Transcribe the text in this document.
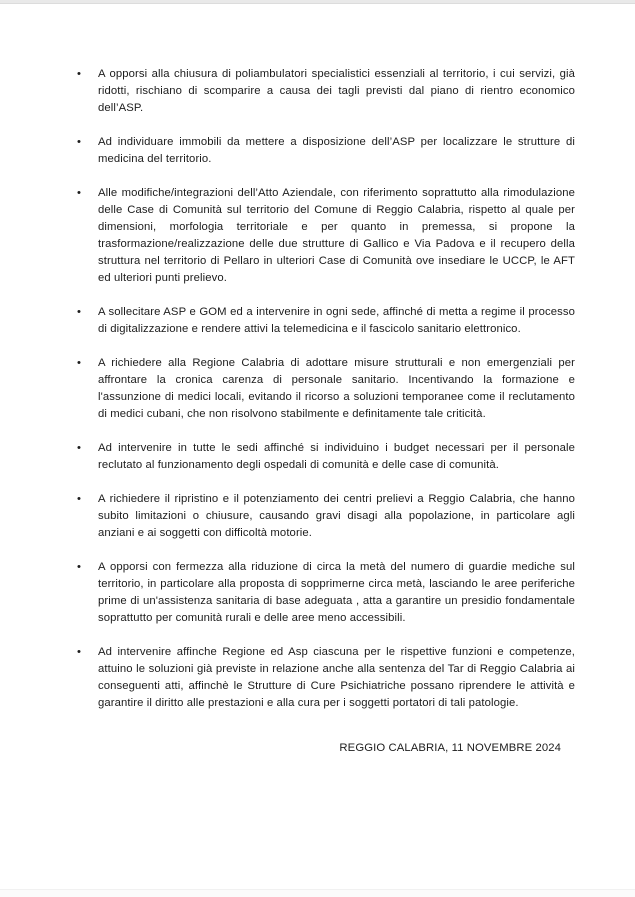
• A opporsi alla chiusura di poliambulatori specialistici essenziali al territorio, i cui servizi, già ridotti, rischiano di scomparire a causa dei tagli previsti dal piano di rientro economico dell’ASP.
• Ad individuare immobili da mettere a disposizione dell’ASP per localizzare le strutture di medicina del territorio.
• Alle modifiche/integrazioni dell’Atto Aziendale, con riferimento soprattutto alla rimodulazione delle Case di Comunità sul territorio del Comune di Reggio Calabria, rispetto al quale per dimensioni, morfologia territoriale e per quanto in premessa, si propone la trasformazione/realizzazione delle due strutture di Gallico e Via Padova e il recupero della struttura nel territorio di Pellaro in ulteriori Case di Comunità ove insediare le UCCP, le AFT ed ulteriori punti prelievo.
• A sollecitare ASP e GOM ed a intervenire in ogni sede, affinché di metta a regime il processo di digitalizzazione e rendere attivi la telemedicina e il fascicolo sanitario elettronico.
• A richiedere alla Regione Calabria di adottare misure strutturali e non emergenziali per affrontare la cronica carenza di personale sanitario. Incentivando la formazione e l'assunzione di medici locali, evitando il ricorso a soluzioni temporanee come il reclutamento di medici cubani, che non risolvono stabilmente e definitamente tale criticità.
• Ad intervenire in tutte le sedi affinché si individuino i budget necessari per il personale reclutato al funzionamento degli ospedali di comunità e delle case di comunità.
• A richiedere il ripristino e il potenziamento dei centri prelievi a Reggio Calabria, che hanno subito limitazioni o chiusure, causando gravi disagi alla popolazione, in particolare agli anziani e ai soggetti con difficoltà motorie.
• A opporsi con fermezza alla riduzione di circa la metà del numero di guardie mediche sul territorio, in particolare alla proposta di sopprimerne circa metà, lasciando le aree periferiche prime di un'assistenza sanitaria di base adeguata , atta a garantire un presidio fondamentale soprattutto per comunità rurali e delle aree meno accessibili.
• Ad intervenire affinche Regione ed Asp ciascuna per le rispettive funzioni e competenze, attuino le soluzioni già previste in relazione anche alla sentenza del Tar di Reggio Calabria ai conseguenti atti, affinchè le Strutture di Cure Psichiatriche possano riprendere le attività e garantire il diritto alle prestazioni e alla cura per i soggetti portatori di tali patologie.
REGGIO CALABRIA, 11 NOVEMBRE 2024
